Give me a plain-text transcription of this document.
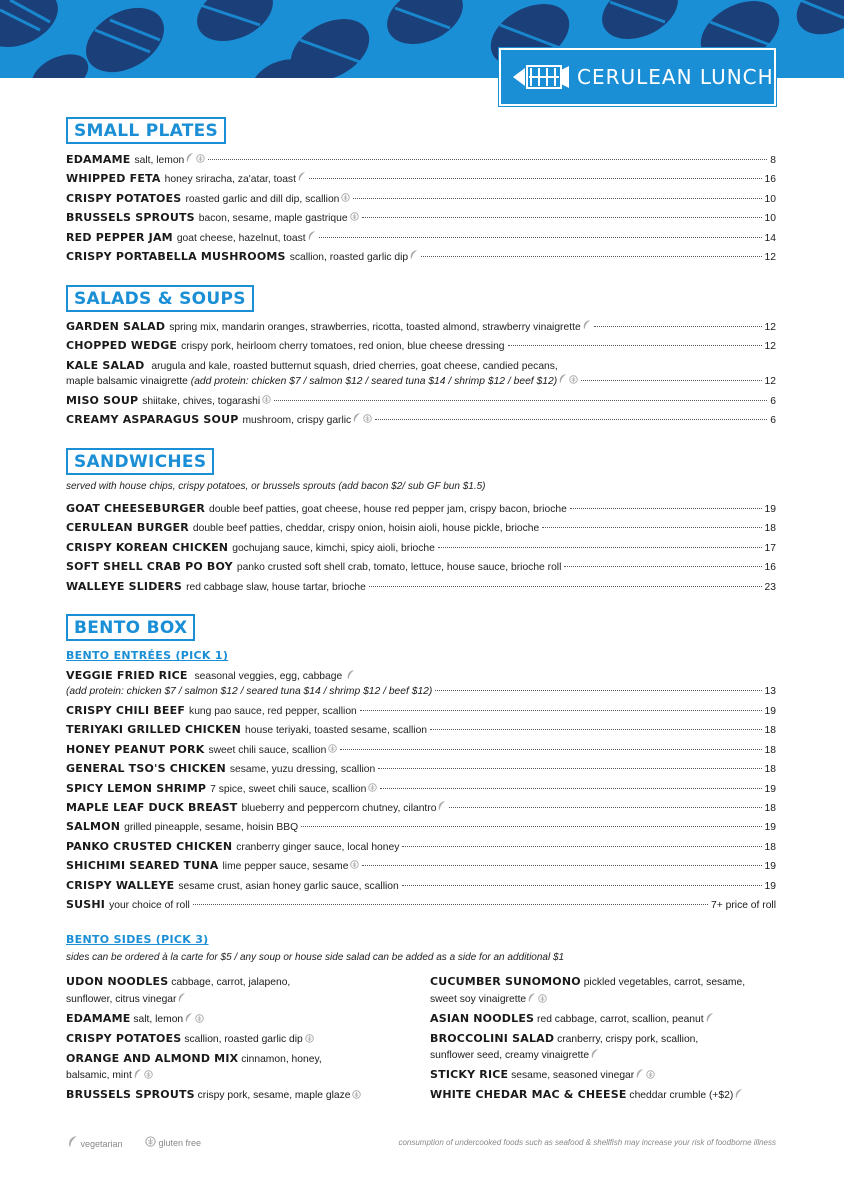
CERULEAN LUNCH
SMALL PLATES
EDAMAME salt, lemon	8
WHIPPED FETA honey sriracha, za'atar, toast	16
CRISPY POTATOES roasted garlic and dill dip, scallion	10
BRUSSELS SPROUTS bacon, sesame, maple gastrique	10
RED PEPPER JAM goat cheese, hazelnut, toast	14
CRISPY PORTABELLA MUSHROOMS scallion, roasted garlic dip	12
SALADS & SOUPS
GARDEN SALAD spring mix, mandarin oranges, strawberries, ricotta, toasted almond, strawberry vinaigrette	12
CHOPPED WEDGE crispy pork, heirloom cherry tomatoes, red onion, blue cheese dressing	12
KALE SALAD arugula and kale, roasted butternut squash, dried cherries, goat cheese, candied pecans,
maple balsamic vinaigrette
(add protein: chicken $7 / salmon $12 / seared tuna $14 / shrimp $12 / beef $12)	12
MISO SOUP shiitake, chives, togarashi	6
CREAMY ASPARAGUS SOUP mushroom, crispy garlic	6
SANDWICHES
served with house chips, crispy potatoes, or brussels sprouts (add bacon $2/ sub GF bun $1.5)
GOAT CHEESEBURGER double beef patties, goat cheese, house red pepper jam, crispy bacon, brioche	19
CERULEAN BURGER double beef patties, cheddar, crispy onion, hoisin aioli, house pickle, brioche	18
CRISPY KOREAN CHICKEN gochujang sauce, kimchi, spicy aioli, brioche	17
SOFT SHELL CRAB PO BOY panko crusted soft shell crab, tomato, lettuce, house sauce, brioche roll	16
WALLEYE SLIDERS red cabbage slaw, house tartar, brioche	23
BENTO BOX
BENTO ENTRÉES (PICK 1)
VEGGIE FRIED RICE seasonal veggies, egg, cabbage
(add protein: chicken $7 / salmon $12 / seared tuna $14 / shrimp $12 / beef $12)	13
CRISPY CHILI BEEF kung pao sauce, red pepper, scallion	19
TERIYAKI GRILLED CHICKEN house teriyaki, toasted sesame, scallion	18
HONEY PEANUT PORK sweet chili sauce, scallion	18
GENERAL TSO'S CHICKEN sesame, yuzu dressing, scallion	18
SPICY LEMON SHRIMP 7 spice, sweet chili sauce, scallion	19
MAPLE LEAF DUCK BREAST blueberry and peppercorn chutney, cilantro	18
SALMON grilled pineapple, sesame, hoisin BBQ	19
PANKO CRUSTED CHICKEN cranberry ginger sauce, local honey	18
SHICHIMI SEARED TUNA lime pepper sauce, sesame	19
CRISPY WALLEYE sesame crust, asian honey garlic sauce, scallion	19
SUSHI your choice of roll	7+ price of roll
BENTO SIDES (PICK 3)
sides can be ordered à la carte for $5 / any soup or house side salad can be added as a side for an additional $1
UDON NOODLES cabbage, carrot, jalapeno,
sunflower, citrus vinegar
EDAMAME salt, lemon
CRISPY POTATOES scallion, roasted garlic dip
ORANGE AND ALMOND MIX cinnamon, honey,
balsamic, mint
BRUSSELS SPROUTS crispy pork, sesame, maple glaze
CUCUMBER SUNOMONO pickled vegetables, carrot, sesame,
sweet soy vinaigrette
ASIAN NOODLES red cabbage, carrot, scallion, peanut
BROCCOLINI SALAD cranberry, crispy pork, scallion,
sunflower seed, creamy vinaigrette
STICKY RICE sesame, seasoned vinegar
WHITE CHEDAR MAC & CHEESE cheddar crumble (+$2)
vegetarian	gluten free	consumption of undercooked foods such as seafood & shellfish may increase your risk of foodborne illness
